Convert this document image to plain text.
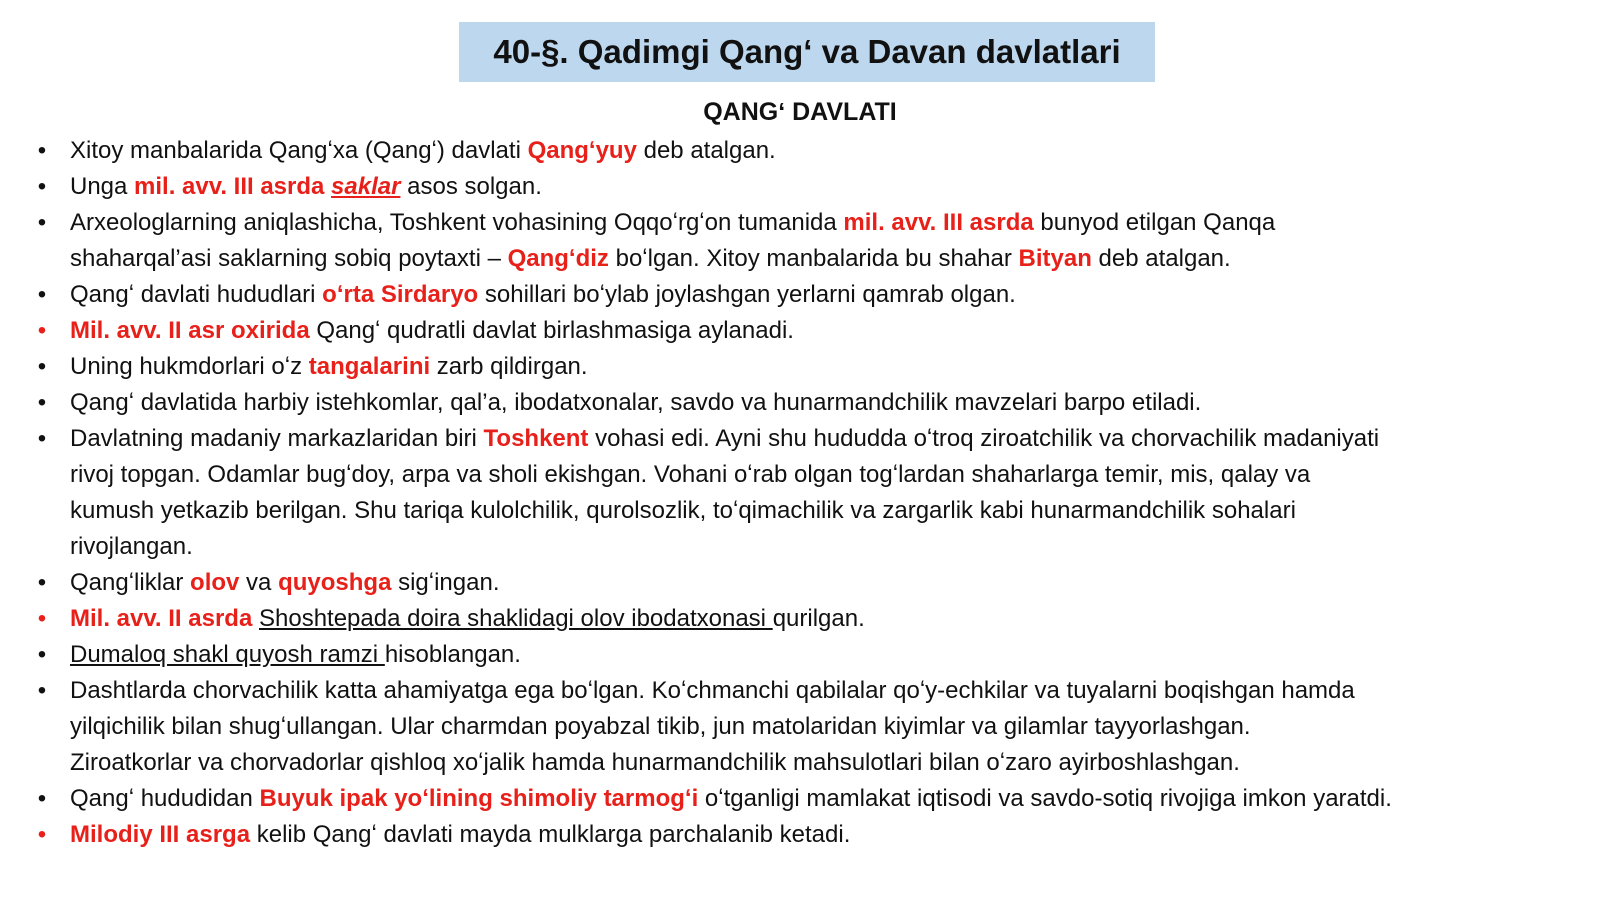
40-§. Qadimgi Qangʻ va Davan davlatlari
QANGʻ DAVLATI
• Xitoy manbalarida Qangʻxa (Qangʻ) davlati Qangʻyuy deb atalgan.
• Unga mil. avv. III asrda saklar asos solgan.
• Arxeologlarning aniqlashicha, Toshkent vohasining Oqqoʻrgʻon tumanida mil. avv. III asrda bunyod etilgan Qanqa
shaharqal’asi saklarning sobiq poytaxti – Qangʻdiz boʻlgan. Xitoy manbalarida bu shahar Bityan deb atalgan.
• Qangʻ davlati hududlari oʻrta Sirdaryo sohillari boʻylab joylashgan yerlarni qamrab olgan.
• Mil. avv. II asr oxirida Qangʻ qudratli davlat birlashmasiga aylanadi.
• Uning hukmdorlari oʻz tangalarini zarb qildirgan.
• Qangʻ davlatida harbiy istehkomlar, qal’a, ibodatxonalar, savdo va hunarmandchilik mavzelari barpo etiladi.
• Davlatning madaniy markazlaridan biri Toshkent vohasi edi. Ayni shu hududda oʻtroq ziroatchilik va chorvachilik madaniyati
rivoj topgan. Odamlar bugʻdoy, arpa va sholi ekishgan. Vohani oʻrab olgan togʻlardan shaharlarga temir, mis, qalay va
kumush yetkazib berilgan. Shu tariqa kulolchilik, qurolsozlik, toʻqimachilik va zargarlik kabi hunarmandchilik sohalari
rivojlangan.
• Qangʻliklar olov va quyoshga sigʻingan.
• Mil. avv. II asrda Shoshtepada doira shaklidagi olov ibodatxonasi qurilgan.
• Dumaloq shakl quyosh ramzi hisoblangan.
• Dashtlarda chorvachilik katta ahamiyatga ega boʻlgan. Koʻchmanchi qabilalar qoʻy-echkilar va tuyalarni boqishgan hamda
yilqichilik bilan shugʻullangan. Ular charmdan poyabzal tikib, jun matolaridan kiyimlar va gilamlar tayyorlashgan.
Ziroatkorlar va chorvadorlar qishloq xoʻjalik hamda hunarmandchilik mahsulotlari bilan oʻzaro ayirboshlashgan.
• Qangʻ hududidan Buyuk ipak yoʻlining shimoliy tarmogʻi oʻtganligi mamlakat iqtisodi va savdo-sotiq rivojiga imkon yaratdi.
• Milodiy III asrga kelib Qangʻ davlati mayda mulklarga parchalanib ketadi.
